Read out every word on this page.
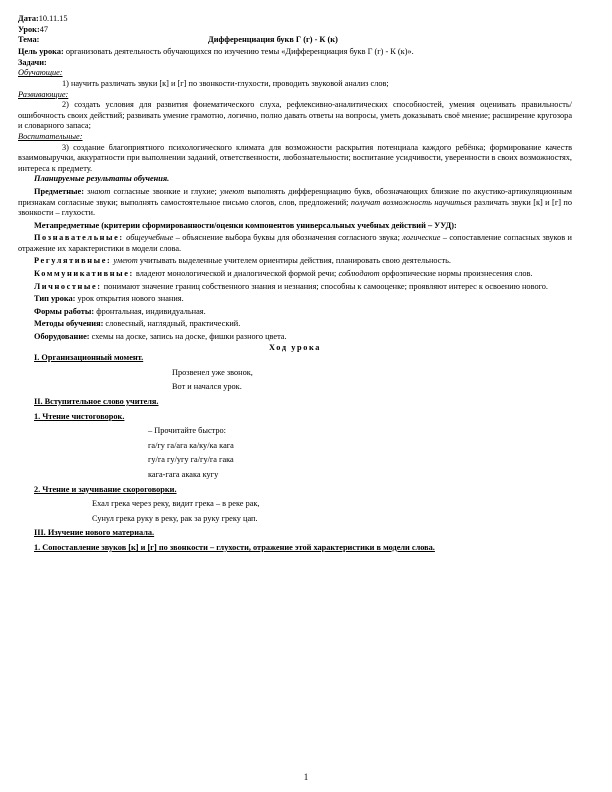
Дата:10.11.15

Урок:47

Тема:	Дифференциация букв Г (г) - К (к)

Цель урока: организовать деятельность обучающихся по изучению темы «Дифференциация букв Г (г) - К (к)».

Задачи:

Обучающие:

1) научить различать звуки [к] и [г] по звонкости-глухости, проводить звуковой анализ слов;

Развивающие:

2) создать условия для развития фонематического слуха, рефлексивно-аналитических способностей, умения оценивать правильность/ошибочность своих действий; развивать умение грамотно, логично, полно давать ответы на вопросы, уметь доказывать своё мнение; расширение кругозора и словарного запаса;

Воспитательные:

3) создание благоприятного психологического климата для возможности раскрытия потенциала каждого ребёнка; формирование качеств взаимовыручки, аккуратности при выполнении заданий, ответственности, любознательности; воспитание усидчивости, уверенности в своих возможностях, интереса к предмету.

Планируемые результаты обучения.

Предметные: знают согласные звонкие и глухие; умеют выполнять дифференциацию букв, обозначающих близкие по акустико-артикуляционным признакам согласные звуки; выполнять самостоятельное письмо слогов, слов, предложений; получат возможность научиться различать звуки [к] и [г] по звонкости – глухости.

Метапредметные (критерии сформированности/оценки компонентов универсальных учебных действий – УУД):

Познавательные: общеучебные – объяснение выбора буквы для обозначения согласного звука; логические – сопоставление согласных звуков и отражение их характеристики в модели слова.

Регулятивные: умеют учитывать выделенные учителем ориентиры действия, планировать свою деятельность.

Коммуникативные: владеют монологической и диалогической формой речи; соблюдают орфоэпические нормы произнесения слов.

Личностные: понимают значение границ собственного знания и незнания; способны к самооценке; проявляют интерес к освоению нового.

Тип урока: урок открытия нового знания.

Формы работы: фронтальная, индивидуальная.

Методы обучения: словесный, наглядный, практический.

Оборудование: схемы на доске, запись на доске, фишки разного цвета.

Ход урока

I. Организационный момент.

Прозвенел уже звонок,

Вот и начался урок.

II. Вступительное слово учителя.

1. Чтение чистоговорок.

– Прочитайте быстро:

га/гу га/ага ка/ку/ка кага

гу/га гу/угу га/гу/га гака

кага-гага акака кугу

2. Чтение и заучивание скороговорки.

Ехал грека через реку, видит грека – в реке рак,

Сунул грека руку в реку, рак за руку греку цап.

III. Изучение нового материала.

1. Сопоставление звуков [к] и [г] по звонкости – глухости, отражение этой характеристики в модели слова.

1
